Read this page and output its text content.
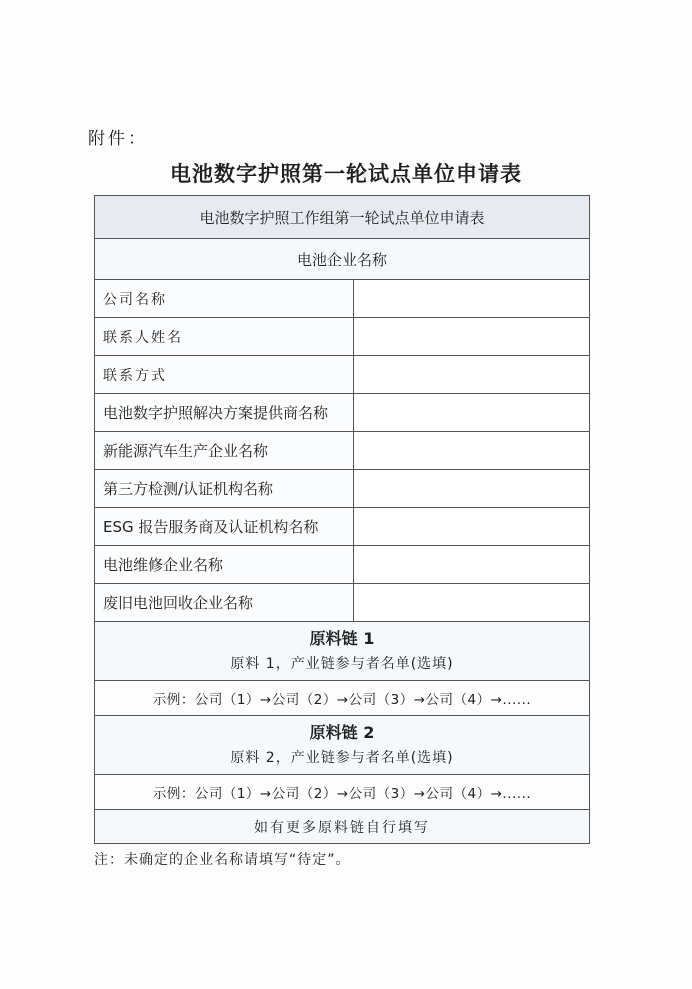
附件：
电池数字护照第一轮试点单位申请表
电池数字护照工作组第一轮试点单位申请表	
电池企业名称	
公司名称	
联系人姓名	
联系方式	
电池数字护照解决方案提供商名称	
新能源汽车生产企业名称	
第三方检测/认证机构名称	
ESG 报告服务商及认证机构名称	
电池维修企业名称	
废旧电池回收企业名称	

原料链 1
原料 1，产业链参与者名单(选填)	

示例：公司（1）→公司（2）→公司（3）→公司（4）→......	

原料链 2
原料 2，产业链参与者名单(选填)	

示例：公司（1）→公司（2）→公司（3）→公司（4）→......	
如有更多原料链自行填写	
注：未确定的企业名称请填写“待定”。
